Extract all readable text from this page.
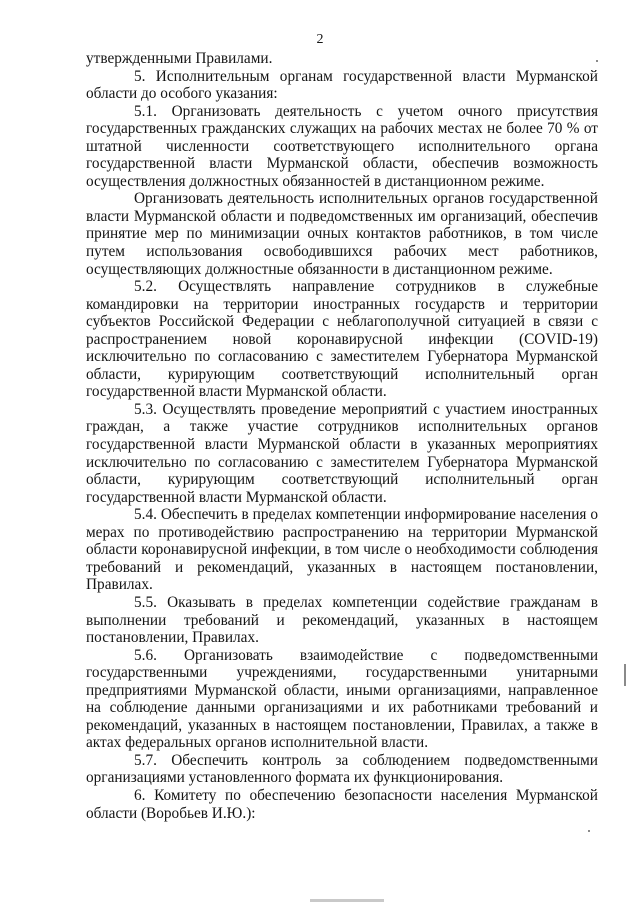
2

утвержденными Правилами.

5. Исполнительным органам государственной власти Мурманской области до особого указания:

5.1. Организовать деятельность с учетом очного присутствия государственных гражданских служащих на рабочих местах не более 70 % от штатной численности соответствующего исполнительного органа государственной власти Мурманской области, обеспечив возможность осуществления должностных обязанностей в дистанционном режиме.

Организовать деятельность исполнительных органов государственной власти Мурманской области и подведомственных им организаций, обеспечив принятие мер по минимизации очных контактов работников, в том числе путем использования освободившихся рабочих мест работников, осуществляющих должностные обязанности в дистанционном режиме.

5.2. Осуществлять направление сотрудников в служебные командировки на территории иностранных государств и территории субъектов Российской Федерации с неблагополучной ситуацией в связи с распространением новой коронавирусной инфекции (COVID-19) исключительно по согласованию с заместителем Губернатора Мурманской области, курирующим соответствующий исполнительный орган государственной власти Мурманской области.

5.3. Осуществлять проведение мероприятий с участием иностранных граждан, а также участие сотрудников исполнительных органов государственной власти Мурманской области в указанных мероприятиях исключительно по согласованию с заместителем Губернатора Мурманской области, курирующим соответствующий исполнительный орган государственной власти Мурманской области.

5.4. Обеспечить в пределах компетенции информирование населения о мерах по противодействию распространению на территории Мурманской области коронавирусной инфекции, в том числе о необходимости соблюдения требований и рекомендаций, указанных в настоящем постановлении, Правилах.

5.5. Оказывать в пределах компетенции содействие гражданам в выполнении требований и рекомендаций, указанных в настоящем постановлении, Правилах.

5.6. Организовать взаимодействие с подведомственными государственными учреждениями, государственными унитарными предприятиями Мурманской области, иными организациями, направленное на соблюдение данными организациями и их работниками требований и рекомендаций, указанных в настоящем постановлении, Правилах, а также в актах федеральных органов исполнительной власти.

5.7. Обеспечить контроль за соблюдением подведомственными организациями установленного формата их функционирования.

6. Комитету по обеспечению безопасности населения Мурманской области (Воробьев И.Ю.):
